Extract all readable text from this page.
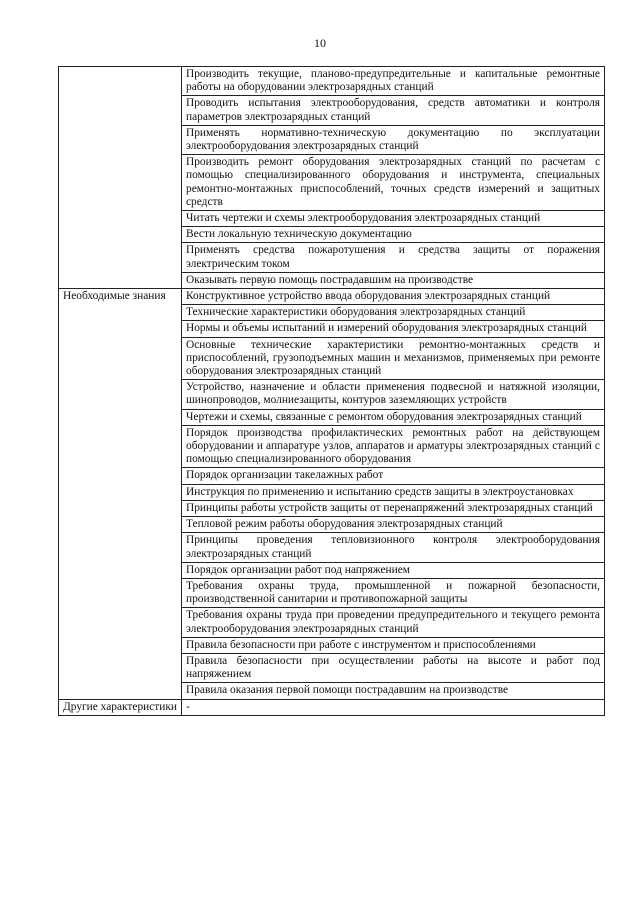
10
	Производить текущие, планово-предупредительные и капитальные ремонтные работы на оборудовании электрозарядных станций
	Проводить испытания электрооборудования, средств автоматики и контроля параметров электрозарядных станций
	Применять нормативно-техническую документацию по эксплуатации электрооборудования электрозарядных станций
	Производить ремонт оборудования электрозарядных станций по расчетам с помощью специализированного оборудования и инструмента, специальных ремонтно-монтажных приспособлений, точных средств измерений и защитных средств
	Читать чертежи и схемы электрооборудования электрозарядных станций
	Вести локальную техническую документацию
	Применять средства пожаротушения и средства защиты от поражения электрическим током
	Оказывать первую помощь пострадавшим на производстве
Необходимые знания	Конструктивное устройство ввода оборудования электрозарядных станций
	Технические характеристики оборудования электрозарядных станций
	Нормы и объемы испытаний и измерений оборудования электрозарядных станций
	Основные технические характеристики ремонтно-монтажных средств и приспособлений, грузоподъемных машин и механизмов, применяемых при ремонте оборудования электрозарядных станций
	Устройство, назначение и области применения подвесной и натяжной изоляции, шинопроводов, молниезащиты, контуров заземляющих устройств
	Чертежи и схемы, связанные с ремонтом оборудования электрозарядных станций
	Порядок производства профилактических ремонтных работ на действующем оборудовании и аппаратуре узлов, аппаратов и арматуры электрозарядных станций с помощью специализированного оборудования
	Порядок организации такелажных работ
	Инструкция по применению и испытанию средств защиты в электроустановках
	Принципы работы устройств защиты от перенапряжений электрозарядных станций
	Тепловой режим работы оборудования электрозарядных станций
	Принципы проведения тепловизионного контроля электрооборудования электрозарядных станций
	Порядок организации работ под напряжением
	Требования охраны труда, промышленной и пожарной безопасности, производственной санитарии и противопожарной защиты
	Требования охраны труда при проведении предупредительного и текущего ремонта электрооборудования электрозарядных станций
	Правила безопасности при работе с инструментом и приспособлениями
	Правила безопасности при осуществлении работы на высоте и работ под напряжением
	Правила оказания первой помощи пострадавшим на производстве
Другие характеристики	-
